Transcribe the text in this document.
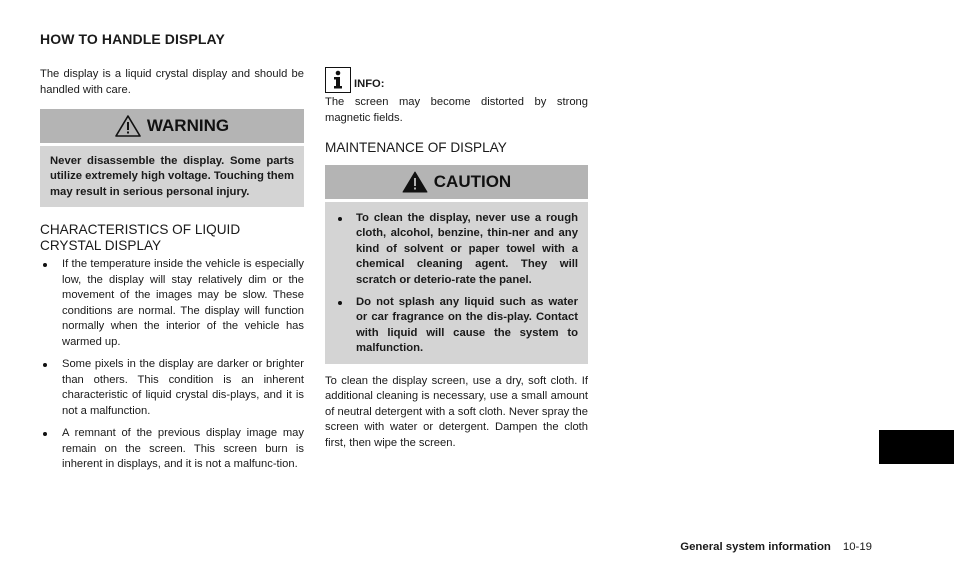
HOW TO HANDLE DISPLAY

The display is a liquid crystal display and should be handled with care.

WARNING
Never disassemble the display. Some parts utilize extremely high voltage. Touching them may result in serious personal injury.
CHARACTERISTICS OF LIQUID
CRYSTAL DISPLAY
If the temperature inside the vehicle is especially low, the display will stay relatively dim or the movement of the images may be slow. These conditions are normal. The display will function normally when the interior of the vehicle has warmed up.
Some pixels in the display are darker or brighter than others. This condition is an inherent characteristic of liquid crystal dis-plays, and it is not a malfunction.
A remnant of the previous display image may remain on the screen. This screen burn is inherent in displays, and it is not a malfunc-tion.
INFO:

The screen may become distorted by strong magnetic fields.

MAINTENANCE OF DISPLAY
CAUTION
To clean the display, never use a rough cloth, alcohol, benzine, thin-ner and any kind of solvent or paper towel with a chemical cleaning agent. They will scratch or deterio-rate the panel.
Do not splash any liquid such as water or car fragrance on the dis-play. Contact with liquid will cause the system to malfunction.

To clean the display screen, use a dry, soft cloth. If additional cleaning is necessary, use a small amount of neutral detergent with a soft cloth. Never spray the screen with water or detergent. Dampen the cloth first, then wipe the screen.

General system information 10-19
